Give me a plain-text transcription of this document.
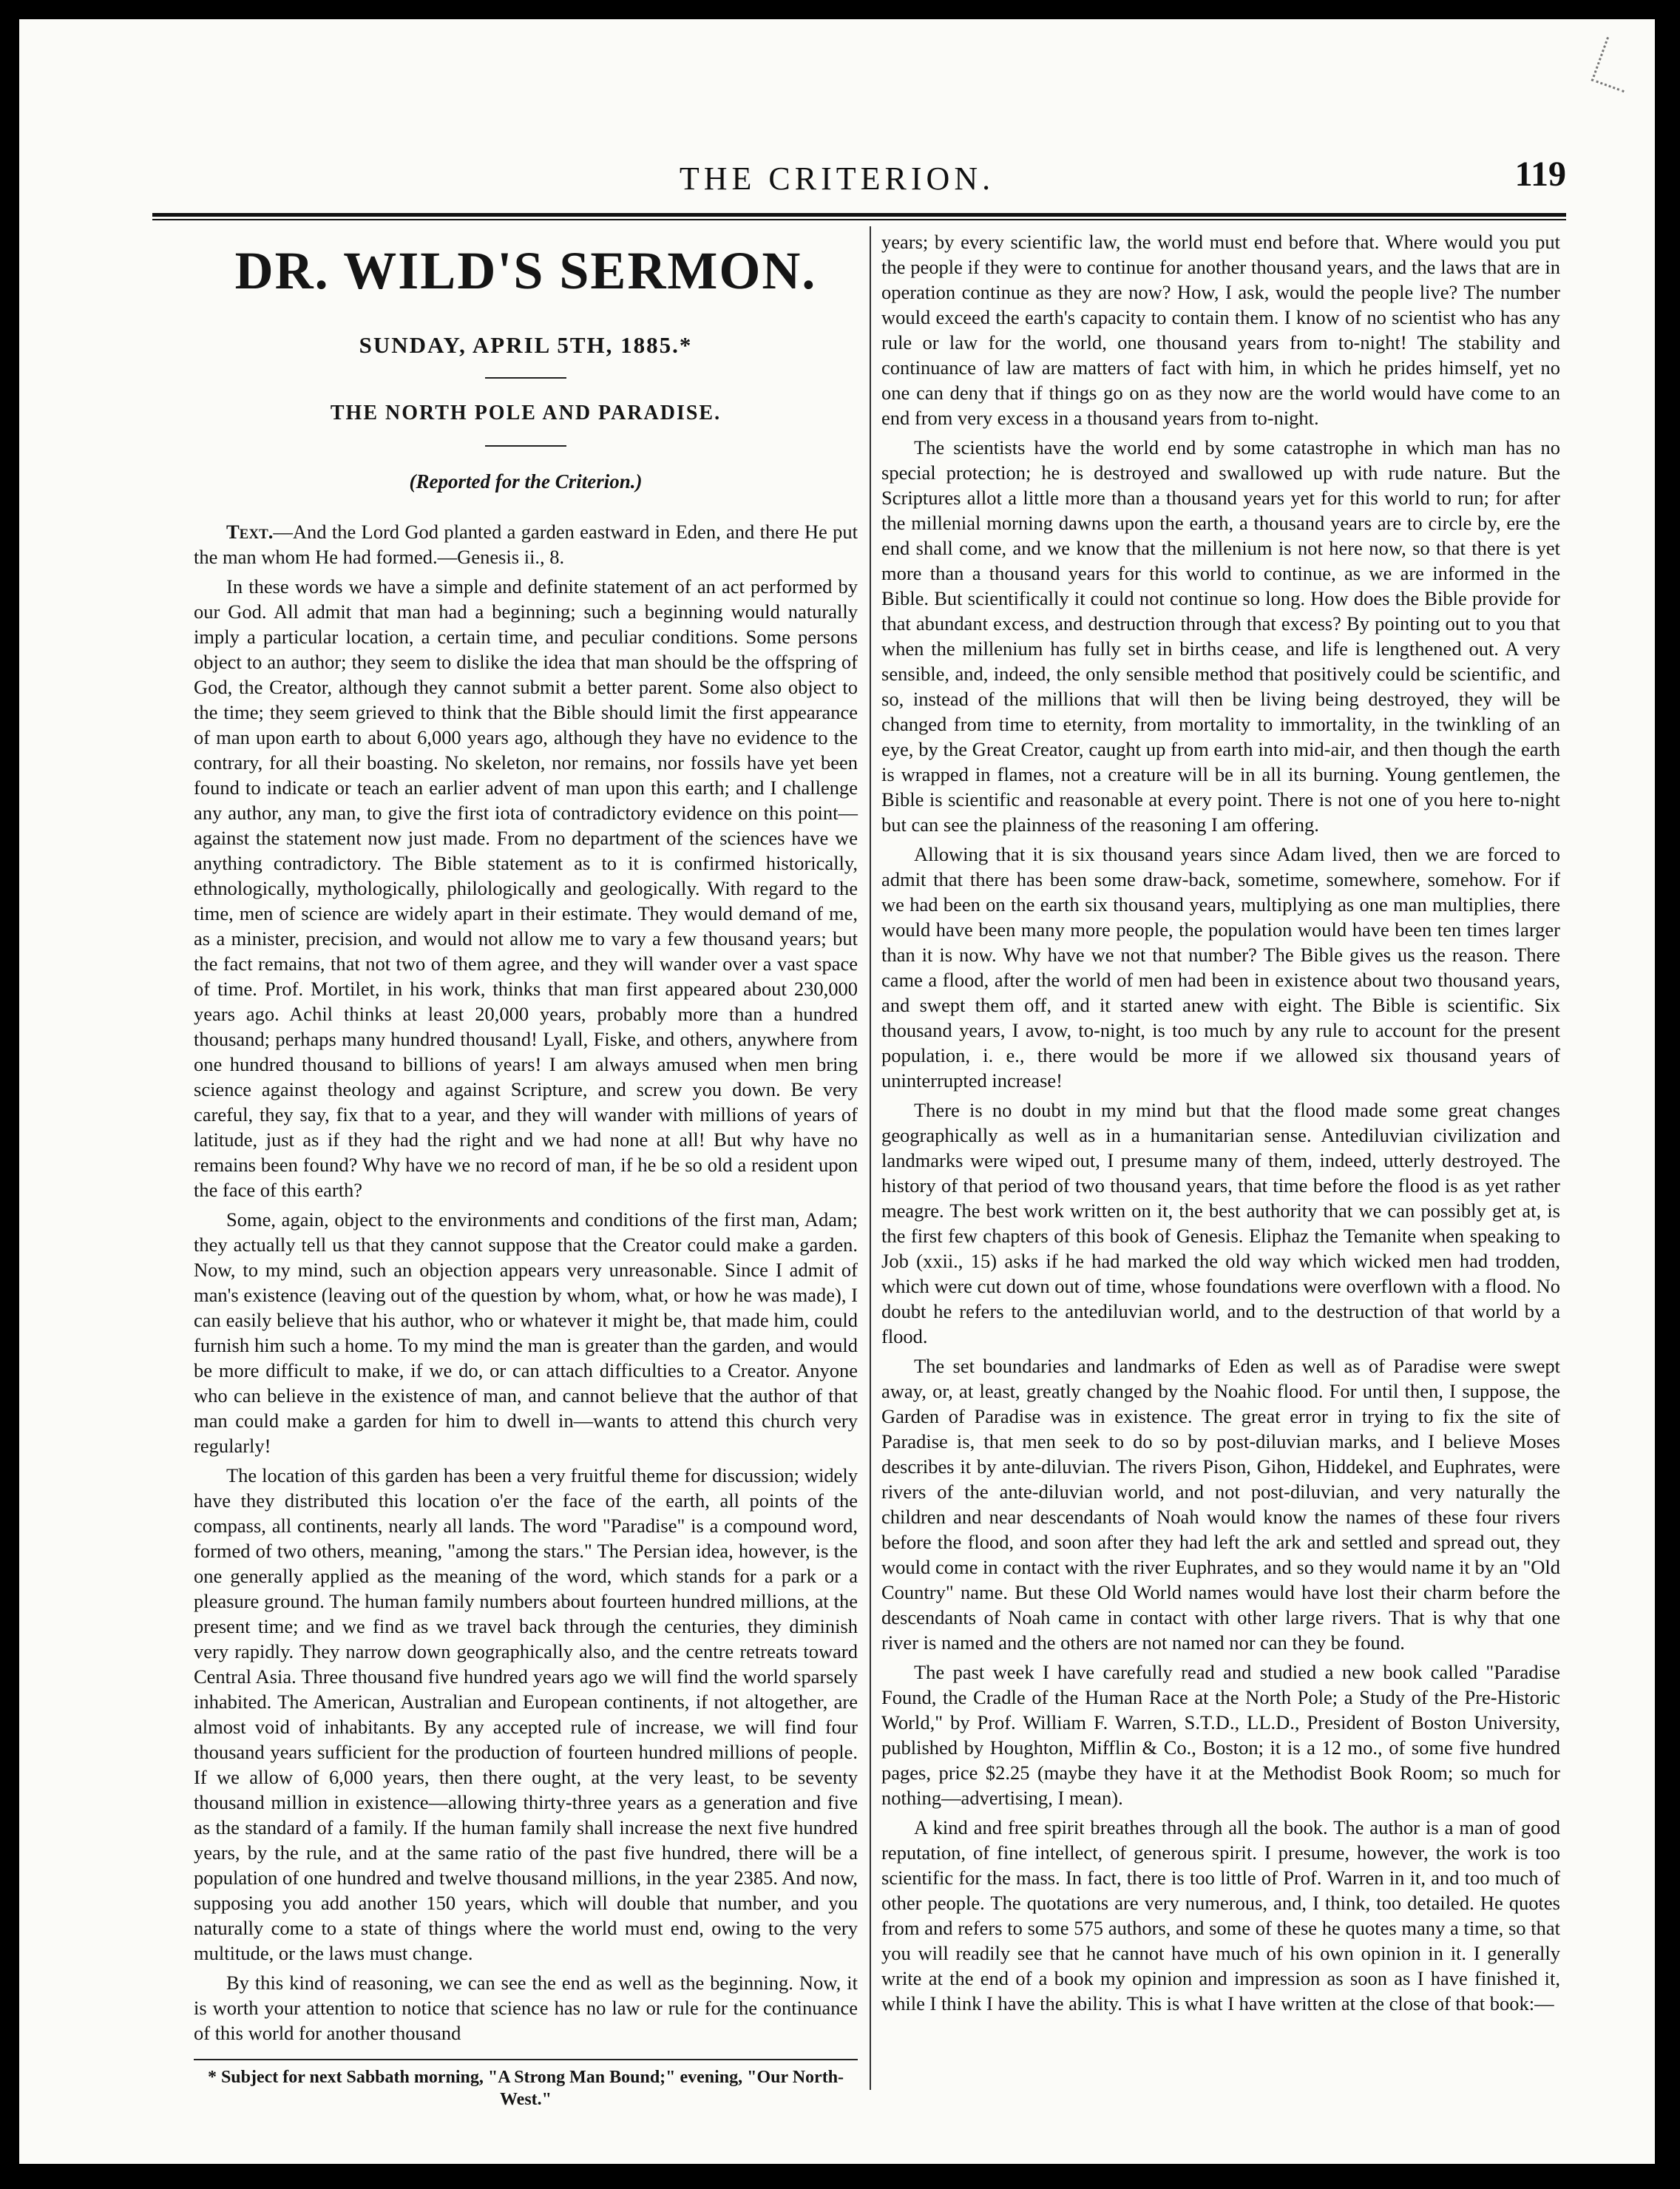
THE CRITERION.	119
DR. WILD'S SERMON.
SUNDAY, APRIL 5TH, 1885.*
THE NORTH POLE AND PARADISE.
(Reported for the Criterion.)

Text.—And the Lord God planted a garden eastward in Eden, and there He put the man whom He had formed.—Genesis ii., 8.

In these words we have a simple and definite statement of an act performed by our God. All admit that man had a beginning; such a beginning would naturally imply a particular location, a certain time, and peculiar conditions. Some persons object to an author; they seem to dislike the idea that man should be the offspring of God, the Creator, although they cannot submit a better parent. Some also object to the time; they seem grieved to think that the Bible should limit the first appearance of man upon earth to about 6,000 years ago, although they have no evidence to the contrary, for all their boasting. No skeleton, nor remains, nor fossils have yet been found to indicate or teach an earlier advent of man upon this earth; and I challenge any author, any man, to give the first iota of contradictory evidence on this point—against the statement now just made. From no department of the sciences have we anything contradictory. The Bible statement as to it is confirmed historically, ethnologically, mythologically, philologically and geologically. With regard to the time, men of science are widely apart in their estimate. They would demand of me, as a minister, precision, and would not allow me to vary a few thousand years; but the fact remains, that not two of them agree, and they will wander over a vast space of time. Prof. Mortilet, in his work, thinks that man first appeared about 230,000 years ago. Achil thinks at least 20,000 years, probably more than a hundred thousand; perhaps many hundred thousand! Lyall, Fiske, and others, anywhere from one hundred thousand to billions of years! I am always amused when men bring science against theology and against Scripture, and screw you down. Be very careful, they say, fix that to a year, and they will wander with millions of years of latitude, just as if they had the right and we had none at all! But why have no remains been found? Why have we no record of man, if he be so old a resident upon the face of this earth?

Some, again, object to the environments and conditions of the first man, Adam; they actually tell us that they cannot suppose that the Creator could make a garden. Now, to my mind, such an objection appears very unreasonable. Since I admit of man's existence (leaving out of the question by whom, what, or how he was made), I can easily believe that his author, who or whatever it might be, that made him, could furnish him such a home. To my mind the man is greater than the garden, and would be more difficult to make, if we do, or can attach difficulties to a Creator. Anyone who can believe in the existence of man, and cannot believe that the author of that man could make a garden for him to dwell in—wants to attend this church very regularly!

The location of this garden has been a very fruitful theme for discussion; widely have they distributed this location o'er the face of the earth, all points of the compass, all continents, nearly all lands. The word "Paradise" is a compound word, formed of two others, meaning, "among the stars." The Persian idea, however, is the one generally applied as the meaning of the word, which stands for a park or a pleasure ground. The human family numbers about fourteen hundred millions, at the present time; and we find as we travel back through the centuries, they diminish very rapidly. They narrow down geographically also, and the centre retreats toward Central Asia. Three thousand five hundred years ago we will find the world sparsely inhabited. The American, Australian and European continents, if not altogether, are almost void of inhabitants. By any accepted rule of increase, we will find four thousand years sufficient for the production of fourteen hundred millions of people. If we allow of 6,000 years, then there ought, at the very least, to be seventy thousand million in existence—allowing thirty-three years as a generation and five as the standard of a family. If the human family shall increase the next five hundred years, by the rule, and at the same ratio of the past five hundred, there will be a population of one hundred and twelve thousand millions, in the year 2385. And now, supposing you add another 150 years, which will double that number, and you naturally come to a state of things where the world must end, owing to the very multitude, or the laws must change.

By this kind of reasoning, we can see the end as well as the beginning. Now, it is worth your attention to notice that science has no law or rule for the continuance of this world for another thousand

* Subject for next Sabbath morning, "A Strong Man Bound;" evening, "Our North-West."

years; by every scientific law, the world must end before that. Where would you put the people if they were to continue for another thousand years, and the laws that are in operation continue as they are now? How, I ask, would the people live? The number would exceed the earth's capacity to contain them. I know of no scientist who has any rule or law for the world, one thousand years from to-night! The stability and continuance of law are matters of fact with him, in which he prides himself, yet no one can deny that if things go on as they now are the world would have come to an end from very excess in a thousand years from to-night.

The scientists have the world end by some catastrophe in which man has no special protection; he is destroyed and swallowed up with rude nature. But the Scriptures allot a little more than a thousand years yet for this world to run; for after the millenial morning dawns upon the earth, a thousand years are to circle by, ere the end shall come, and we know that the millenium is not here now, so that there is yet more than a thousand years for this world to continue, as we are informed in the Bible. But scientifically it could not continue so long. How does the Bible provide for that abundant excess, and destruction through that excess? By pointing out to you that when the millenium has fully set in births cease, and life is lengthened out. A very sensible, and, indeed, the only sensible method that positively could be scientific, and so, instead of the millions that will then be living being destroyed, they will be changed from time to eternity, from mortality to immortality, in the twinkling of an eye, by the Great Creator, caught up from earth into mid-air, and then though the earth is wrapped in flames, not a creature will be in all its burning. Young gentlemen, the Bible is scientific and reasonable at every point. There is not one of you here to-night but can see the plainness of the reasoning I am offering.

Allowing that it is six thousand years since Adam lived, then we are forced to admit that there has been some draw-back, sometime, somewhere, somehow. For if we had been on the earth six thousand years, multiplying as one man multiplies, there would have been many more people, the population would have been ten times larger than it is now. Why have we not that number? The Bible gives us the reason. There came a flood, after the world of men had been in existence about two thousand years, and swept them off, and it started anew with eight. The Bible is scientific. Six thousand years, I avow, to-night, is too much by any rule to account for the present population, i. e., there would be more if we allowed six thousand years of uninterrupted increase!

There is no doubt in my mind but that the flood made some great changes geographically as well as in a humanitarian sense. Antediluvian civilization and landmarks were wiped out, I presume many of them, indeed, utterly destroyed. The history of that period of two thousand years, that time before the flood is as yet rather meagre. The best work written on it, the best authority that we can possibly get at, is the first few chapters of this book of Genesis. Eliphaz the Temanite when speaking to Job (xxii., 15) asks if he had marked the old way which wicked men had trodden, which were cut down out of time, whose foundations were overflown with a flood. No doubt he refers to the antediluvian world, and to the destruction of that world by a flood.

The set boundaries and landmarks of Eden as well as of Paradise were swept away, or, at least, greatly changed by the Noahic flood. For until then, I suppose, the Garden of Paradise was in existence. The great error in trying to fix the site of Paradise is, that men seek to do so by post-diluvian marks, and I believe Moses describes it by ante-diluvian. The rivers Pison, Gihon, Hiddekel, and Euphrates, were rivers of the ante-diluvian world, and not post-diluvian, and very naturally the children and near descendants of Noah would know the names of these four rivers before the flood, and soon after they had left the ark and settled and spread out, they would come in contact with the river Euphrates, and so they would name it by an "Old Country" name. But these Old World names would have lost their charm before the descendants of Noah came in contact with other large rivers. That is why that one river is named and the others are not named nor can they be found.

The past week I have carefully read and studied a new book called "Paradise Found, the Cradle of the Human Race at the North Pole; a Study of the Pre-Historic World," by Prof. William F. Warren, S.T.D., LL.D., President of Boston University, published by Houghton, Mifflin & Co., Boston; it is a 12 mo., of some five hundred pages, price $2.25 (maybe they have it at the Methodist Book Room; so much for nothing—advertising, I mean).

A kind and free spirit breathes through all the book. The author is a man of good reputation, of fine intellect, of generous spirit. I presume, however, the work is too scientific for the mass. In fact, there is too little of Prof. Warren in it, and too much of other people. The quotations are very numerous, and, I think, too detailed. He quotes from and refers to some 575 authors, and some of these he quotes many a time, so that you will readily see that he cannot have much of his own opinion in it. I generally write at the end of a book my opinion and impression as soon as I have finished it, while I think I have the ability. This is what I have written at the close of that book:—
